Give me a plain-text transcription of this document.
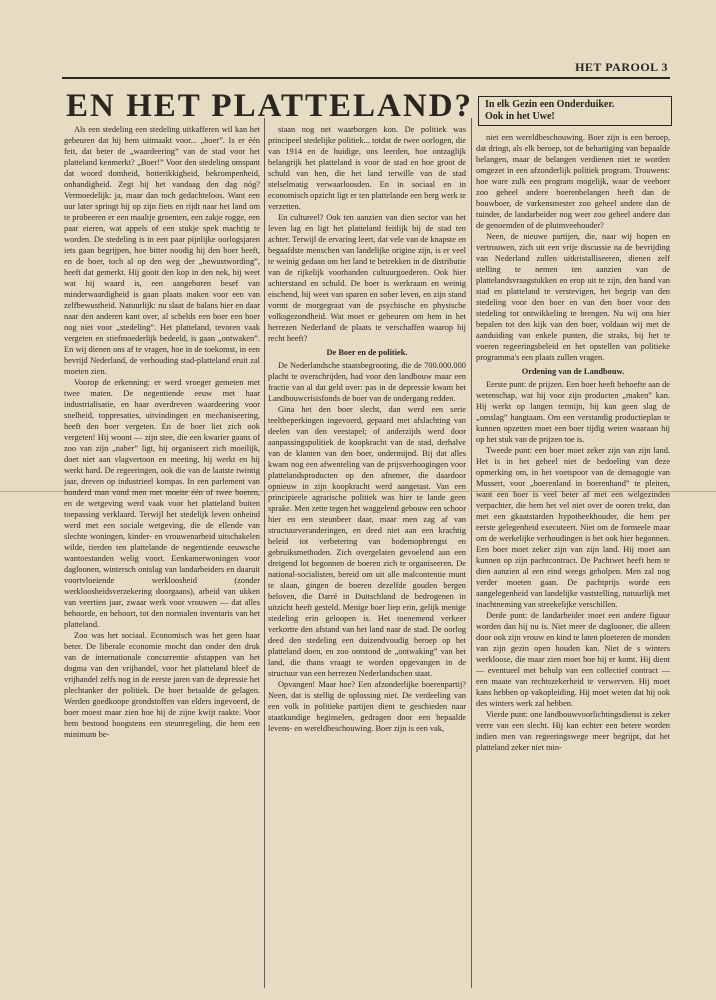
HET PAROOL 3
EN HET PLATTELAND? In elk Gezin een Onderduiker.
Ook in het Uwe!

Als een stedeling een stedeling uitkafferen wil kan het gebeuren dat hij hem uitmaakt voor... „boer”. Is er één feit, dat beter de „waardeering” van de stad voor het platteland kenmerkt? „Boer!” Voor den stedeling omspant dat woord domheid, botterikkigheid, bekrompenheid, onhandigheid. Zegt hij het vandaag den dag nóg? Vermoedelijk: ja, maar dan toch gedachteloos. Want een uur later springt hij op zijn fiets en rijdt naar het land om te probeeren er een maaltje groenten, een zakje rogge, een paar eieren, wat appels of een stukje spek machtig te worden. De stedeling is in een paar pijnlijke oorlogsjaren iets gaan begrijpen, hoe bitter noodig hij den boer heeft, en de boer, toch al op den weg der „bewustwording”, heeft dat gemerkt. Hij gooit den kop in den nek, hij weet wat hij waard is, een aangeboren besef van minderwaardigheid is gaan plaats maken voor een van zelfbewustheid. Natuurlijk: nu slaat de balans hier en daar naar den anderen kant over, al schelds een boer een boer nog niet voor „stedeling”. Het platteland, tevoren vaak vergeten en stiefmoederlijk bedeeld, is gaan „ontwaken”. En wij dienen ons af te vragen, hoe in de toekomst, in een bevrijd Nederland, de verhouding stad-platteland eruit zal moeten zien.

Voorop de erkenning: er werd vroeger gemeten met twee maten. De negentiende eeuw met haar industrialisatie, en haar overdreven waardeering voor snelheid, toppresaties, uitvindingen en mechaniseering, heeft den boer vergeten. En de boer liet zich ook vergeten! Hij woont — zijn stee, die een kwarier gaans of zoo van zijn „naber” ligt, hij organiseert zich moeilijk, doet niet aan vlagvertoon en meeting, hij werkt en hij werkt hard. De regeeringen, ook die van de laatste twintig jaar, dreven op industrieel kompas. In een parlement van honderd man vond men met moeite één of twee boeren, en de wetgeving werd vaak voor het platteland buiten toepassing verklaard. Terwijl het stedelijk leven onheind werd met een sociale wetgeving, die de ellende van slechte woningen, kinder- en vrouwenarbeid uitschakelen wilde, tierden ten plattelande de negentiende eeuwsche wantoestanden welig voort. Eenkamerwoningen voor dagloonen, wintersch ontslag van landarbeiders en daaruit voortvloeiende werkloosheid (zonder werkloosheidsverzekering doorgaans), arbeid van ukken van veertien jaar, zwaar werk voor vrouwen — dat alles behoorde, en behoort, tot den normalen inventaris van het platteland.

Zoo was het sociaal. Economisch was het geen haar beter. De liberale economie mocht dan onder den druk van de internationale concurrentie afstappen van het dogma van den vrijhandel, voor het platteland bleef de vrijhandel zelfs nog in de eerste jaren van de depressie het plechtanker der politiek. De boer betaalde de gelagen. Werden goedkoope grondstoffen van elders ingevoerd, de boer moest maar zien hoe hij de zijne kwijt raakte. Voor hem bestond hoogstens een steunregeling, die hem een minimum be-

staan nog net waarborgen kon. De politiek was principeel stedelijke politiek... totdat de twee oorlogen, die van 1914 en de huidige, ons leerden, hoe ontzaglijk belangrijk het platteland is voor de stad en hoe groot de schuld van hen, die het land terwille van de stad stelselmatig verwaarloosden. En in sociaal en in economisch opzicht ligt er ten plattelande een berg werk te verzetten.

En cultureel? Ook ten aanzien van dien sector van het leven lag en ligt het platteland feitlijk bij de stad ten achter. Terwijl de ervaring leert, dat vele van de knapste en begaafdste menschen van landelijke origine zijn, is er veel te weinig gedaan om het land te betrekken in de distributie van de rijkelijk voorhanden cultuurgoederen. Ook hier achterstand en schuld. De boer is werkraam en weinig eischend, hij weet van sparen en sober leven, en zijn stand vormt de morgegraat van de psychische en physische volksgezondheid. Wat moet er gebeuren om hem in het herrezen Nederland de plaats te verschaffen waarop hij recht heeft?

De Boer en de politiek.

De Nederlandsche staatsbegrooting, die de 700.000.000 placht te overschrijden, had voor den landbouw maar een fractie van al dat geld over: pas in de depressie kwam het Landbouwcrisisfonds de boer van de ondergang redden.

Gina het den boer slecht, dan werd een serie teeltbeperkingen ingevoerd, gepaard met afslachting van deelen van den veestapel; of anderzijds werd door aanpassingspolitiek de koopkracht van de stad, derhalve van de klanten van den boer, ondermijnd. Bij dat alles kwam nog een afwenteling van de prijsverhoogingen voor plattelandsproducten op den afnemer, die daardoor opnieuw in zijn koopkracht werd aangetast. Van een principieele agrarische politiek was hier te lande geen sprake. Men zette tegen het waggelend gebouw een schoor hier en een steunbeer daar, maar men zag af van structuurveranderingen, en deed niet aan een krachtig beleid tot verbetering van bodemopbrengst en gebruiksmethoden. Zich overgelaten gevoelend aan een dreigend lot begonnen de boeren zich te organiseeren. De national-socialisten, bereid om uit alle malcontentie munt te slaan, gingen de boeren dezelfde gouden bergen beloven, die Darré in Duitschland de bedrogenen in uitzicht heeft gesteld. Menige boer liep erin, gelijk menige stedeling erin geloopen is. Het toenemend verkeer verkortte den afstand van het land naar de stad. De oorlog deed den stedeling een duizendvoudig beroep op het platteland doen, en zoo ontstond de „ontwaking” van het land, die thans vraagt te worden opgevangen in de structuur van een herrezen Nederlandschen staat.

Opvangen! Maar hoe? Een afzonderlijke boerenpartij? Neen, dat is stellig de oplossing niet. De verdeeling van een volk in politieke partijen dient te geschieden naar staatkundige beginselen, gedragen door een bepaalde levens- en wereldbeschouwing. Boer zijn is een vak,

niet een wereldbeschouwing. Boer zijn is een beroep, dat dringt, als elk beroep, tot de behartiging van bepaalde belangen, maar de belangen verdienen niet te worden omgezet in een afzonderlijk politiek program. Trouwens: hoe ware zulk een program mogelijk, waar de veeboer zoo geheel andere boerenbelangen heeft dan de bouwboer, de varkensmester zoo geheel andere dan de tuinder, de landarbeider nog weer zoo geheel andere dan de genoemden of de pluimveehouder?

Neen, de nieuwe partijen, die, naar wij hopen en vertrouwen, zich uit een vrije discussie na de bevrijding van Nederland zullen uitkristalliseeren, dienen zelf stelling te nemen ten aanzien van de plattelandsvraagstukken en erop uit te zijn, den band van stad en platteland te verstevigen, het begrip van den stedeling voor den boer en van den boer voor den stedeling tot ontwikkeling te brengen. Nu wij ons hier bepalen tot den kijk van den boer, voldaan wij met de aanduiding van enkele punten, die straks, bij het te voeren regeeringsbeleid en het opstellen van politieke programma's een plaats zullen vragen.

Ordening van de Landbouw.

Eerste punt: de prijzen. Een boer heeft behoefte aan de wetenschap, wat hij voor zijn producten „maken” kan. Hij werkt op langen termijn, hij kan geen slag de „omslag” hangtaam. Om een verstandig productieplan te kunnen opzetten moet een boer tijdig weten waaraan hij op het stuk van de prijzen toe is.

Tweede punt: een boer moet zeker zijn van zijn land. Het is in het geheel niet de bedoeling van deze opmerking om, in het voetspoor van de demagogie van Mussert, voor „boerenland in boerenhand” te pleiten, want een boer is veel beter af met een welgezinden verpachter, die hem het vel niet over de ooren trekt, dan met een gkaatstarden hypotheekhouder, die hem per eerste gelegenheid executeert. Niet om de formeele maar om de werkelijke verhoudingen is het ook hier begonnen. Een boer moet zeker zijn van zijn land. Hij moet aan kunnen op zijn pachtcontract. De Pachtwet heeft hem te dien aanzien al een eind weegs geholpen. Men zal nog verder moeten gaan. De pachtprijs worde een aangelegenheid van landelijke vaststelling, natuurlijk met inachtneming van streekelijke verschillen.

Derde punt: de landarbeider moet een andere figuur worden dan hij nu is. Niet meer de daglooner, die alleen door ook zijn vrouw en kind te laten ploeteren de monden van zijn gezin open houden kan. Niet de s winters werkloose, die maar zien moet hoe hij er komt. Hij dient — eventueel met behulp van een collectief contract — een maate van rechtszekerheid te verwerven. Hij moet kans hebben op vakopleiding. Hij moet weten dat hij ook des winters werk zal hebben.

Vierde punt: one landbouwvoorlichtingsdienst is zeker verre van een slecht. Hij kan echter een betere worden indien men van regeeringswege meer begrijpt, dat het platteland zeker niet min-
